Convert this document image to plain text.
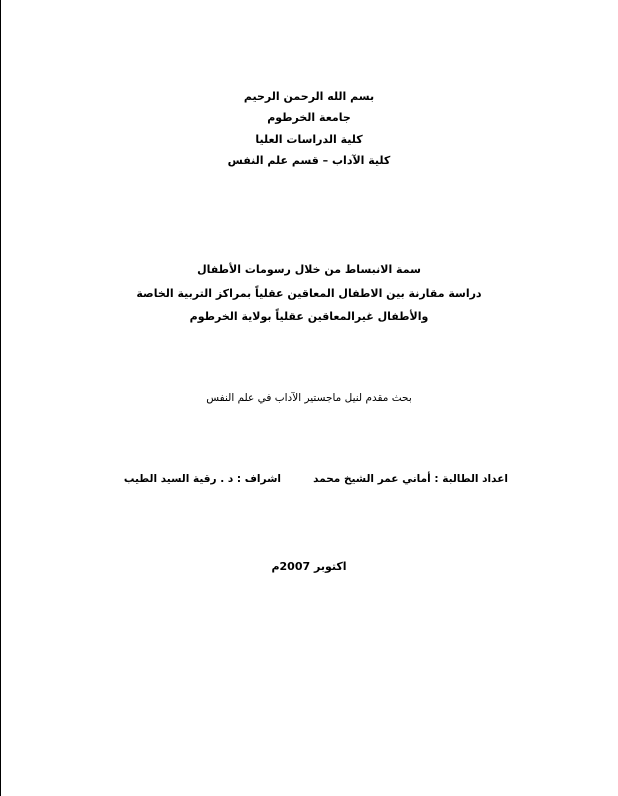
بسم الله الرحمن الرحيم
جامعة الخرطوم
كلية الدراسات العليا
كلية الآداب – قسم علم النفس
سمة الانبساط من خلال رسومات الأطفال
دراسة مقارنة بين الاطفال المعاقين عقلياً بمراكز التربية الخاصة
والأطفال غيرالمعاقين عقلياً بولاية الخرطوم
بحث مقدم لنيل ماجستير الآداب في علم النفس
اعداد الطالبة : أماني عمر الشيخ محمد
اشراف : د . رقية السيد الطيب
اكتوبر 2007م
